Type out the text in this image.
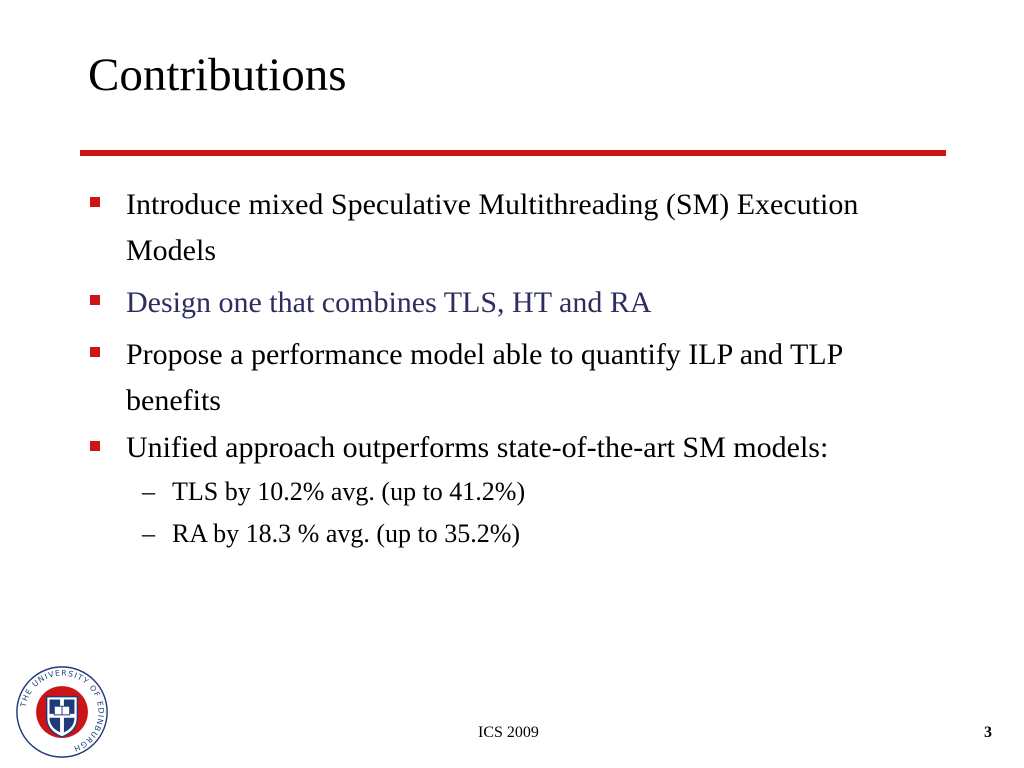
Contributions
Introduce mixed Speculative Multithreading (SM) Execution Models
Design one that combines TLS, HT and RA
Propose a performance model able to quantify ILP and TLP benefits
Unified approach outperforms state-of-the-art SM models:
– TLS by 10.2% avg. (up to 41.2%)
– RA by 18.3 % avg. (up to 35.2%)
THE UNIVERSITY OF EDINBURGH
ICS 2009	3
